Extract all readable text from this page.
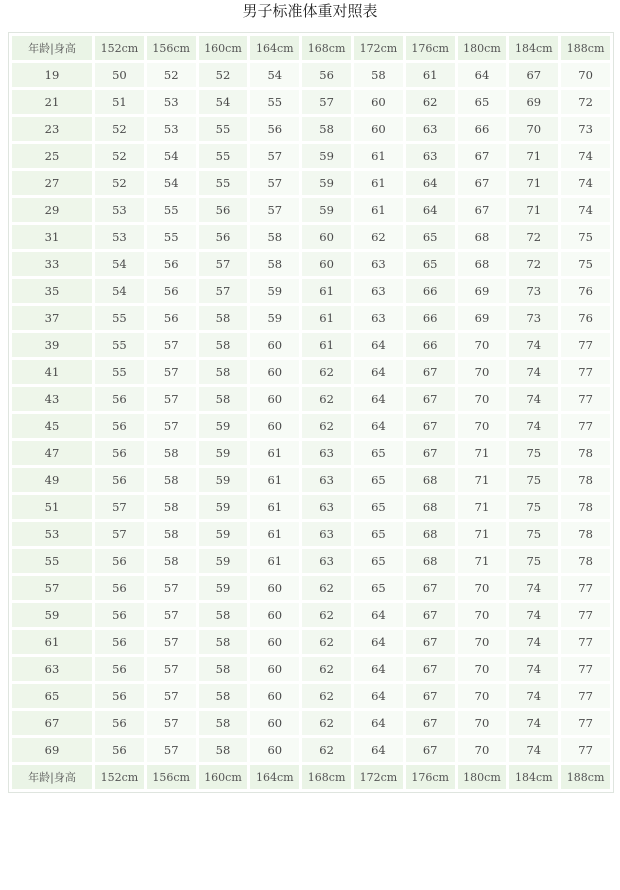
男子标准体重对照表
年龄|身高	152cm	156cm	160cm	164cm	168cm	172cm	176cm	180cm	184cm	188cm
19	50	52	52	54	56	58	61	64	67	70
21	51	53	54	55	57	60	62	65	69	72
23	52	53	55	56	58	60	63	66	70	73
25	52	54	55	57	59	61	63	67	71	74
27	52	54	55	57	59	61	64	67	71	74
29	53	55	56	57	59	61	64	67	71	74
31	53	55	56	58	60	62	65	68	72	75
33	54	56	57	58	60	63	65	68	72	75
35	54	56	57	59	61	63	66	69	73	76
37	55	56	58	59	61	63	66	69	73	76
39	55	57	58	60	61	64	66	70	74	77
41	55	57	58	60	62	64	67	70	74	77
43	56	57	58	60	62	64	67	70	74	77
45	56	57	59	60	62	64	67	70	74	77
47	56	58	59	61	63	65	67	71	75	78
49	56	58	59	61	63	65	68	71	75	78
51	57	58	59	61	63	65	68	71	75	78
53	57	58	59	61	63	65	68	71	75	78
55	56	58	59	61	63	65	68	71	75	78
57	56	57	59	60	62	65	67	70	74	77
59	56	57	58	60	62	64	67	70	74	77
61	56	57	58	60	62	64	67	70	74	77
63	56	57	58	60	62	64	67	70	74	77
65	56	57	58	60	62	64	67	70	74	77
67	56	57	58	60	62	64	67	70	74	77
69	56	57	58	60	62	64	67	70	74	77
年龄|身高	152cm	156cm	160cm	164cm	168cm	172cm	176cm	180cm	184cm	188cm
